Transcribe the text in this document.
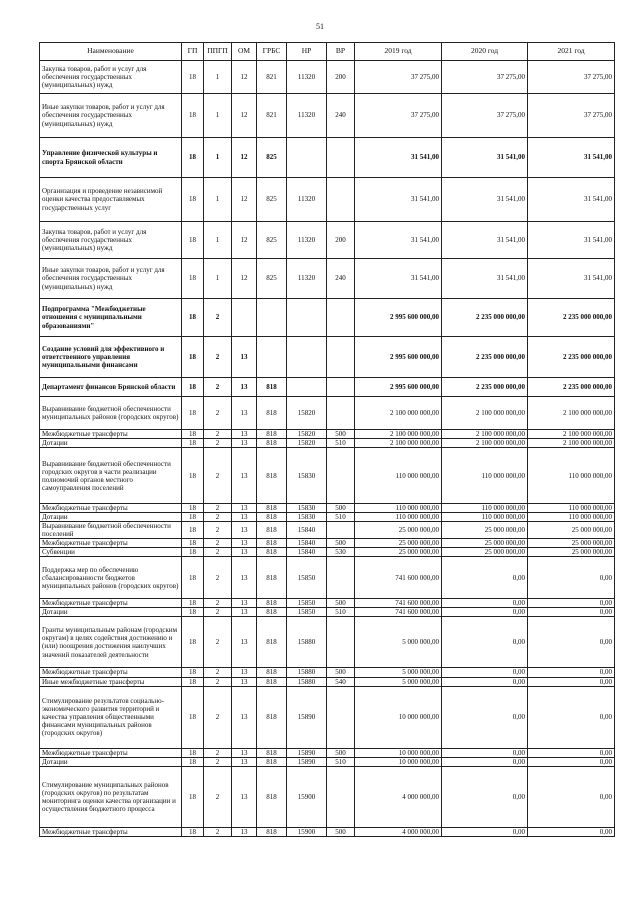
51
Наименование	ГП	ППГП	ОМ	ГРБС	НР	ВР	2019 год	2020 год	2021 год
Закупка товаров, работ и услуг для обеспечения государственных (муниципальных) нужд	18	1	12	821	11320	200	37 275,00	37 275,00	37 275,00
Иные закупки товаров, работ и услуг для обеспечения государственных (муниципальных) нужд	18	1	12	821	11320	240	37 275,00	37 275,00	37 275,00
Управление физической культуры и спорта Брянской области	18	1	12	825			31 541,00	31 541,00	31 541,00
Организация и проведение независимой оценки качества предоставляемых государственных услуг	18	1	12	825	11320		31 541,00	31 541,00	31 541,00
Закупка товаров, работ и услуг для обеспечения государственных (муниципальных) нужд	18	1	12	825	11320	200	31 541,00	31 541,00	31 541,00
Иные закупки товаров, работ и услуг для обеспечения государственных (муниципальных) нужд	18	1	12	825	11320	240	31 541,00	31 541,00	31 541,00
Подпрограмма "Межбюджетные отношения с муниципальными образованиями"	18	2					2 995 600 000,00	2 235 000 000,00	2 235 000 000,00
Создание условий для эффективного и ответственного управления муниципальными финансами	18	2	13				2 995 600 000,00	2 235 000 000,00	2 235 000 000,00
Департамент финансов Брянской области	18	2	13	818			2 995 600 000,00	2 235 000 000,00	2 235 000 000,00
Выравнивание бюджетной обеспеченности муниципальных районов (городских округов)	18	2	13	818	15820		2 100 000 000,00	2 100 000 000,00	2 100 000 000,00
Межбюджетные трансферты	18	2	13	818	15820	500	2 100 000 000,00	2 100 000 000,00	2 100 000 000,00
Дотации	18	2	13	818	15820	510	2 100 000 000,00	2 100 000 000,00	2 100 000 000,00
Выравнивание бюджетной обеспеченности городских округов в части реализации полномочий органов местного самоуправления поселений	18	2	13	818	15830		110 000 000,00	110 000 000,00	110 000 000,00
Межбюджетные трансферты	18	2	13	818	15830	500	110 000 000,00	110 000 000,00	110 000 000,00
Дотации	18	2	13	818	15830	510	110 000 000,00	110 000 000,00	110 000 000,00
Выравнивание бюджетной обеспеченности поселений	18	2	13	818	15840		25 000 000,00	25 000 000,00	25 000 000,00
Межбюджетные трансферты	18	2	13	818	15840	500	25 000 000,00	25 000 000,00	25 000 000,00
Субвенции	18	2	13	818	15840	530	25 000 000,00	25 000 000,00	25 000 000,00
Поддержка мер по обеспечению сбалансированности бюджетов муниципальных районов (городских округов)	18	2	13	818	15850		741 600 000,00	0,00	0,00
Межбюджетные трансферты	18	2	13	818	15850	500	741 600 000,00	0,00	0,00
Дотации	18	2	13	818	15850	510	741 600 000,00	0,00	0,00
Гранты муниципальным районам (городским округам) в целях содействия достижению и (или) поощрения достижения наилучших значений показателей деятельности	18	2	13	818	15880		5 000 000,00	0,00	0,00
Межбюджетные трансферты	18	2	13	818	15880	500	5 000 000,00	0,00	0,00
Иные межбюджетные трансферты	18	2	13	818	15880	540	5 000 000,00	0,00	0,00
Стимулирование результатов социально-экономического развития территорий и качества управления общественными финансами муниципальных районов (городских округов)	18	2	13	818	15890		10 000 000,00	0,00	0,00
Межбюджетные трансферты	18	2	13	818	15890	500	10 000 000,00	0,00	0,00
Дотации	18	2	13	818	15890	510	10 000 000,00	0,00	0,00
Стимулирование муниципальных районов (городских округов) по результатам мониторинга оценки качества организации и осуществления бюджетного процесса	18	2	13	818	15900		4 000 000,00	0,00	0,00
Межбюджетные трансферты	18	2	13	818	15900	500	4 000 000,00	0,00	0,00
